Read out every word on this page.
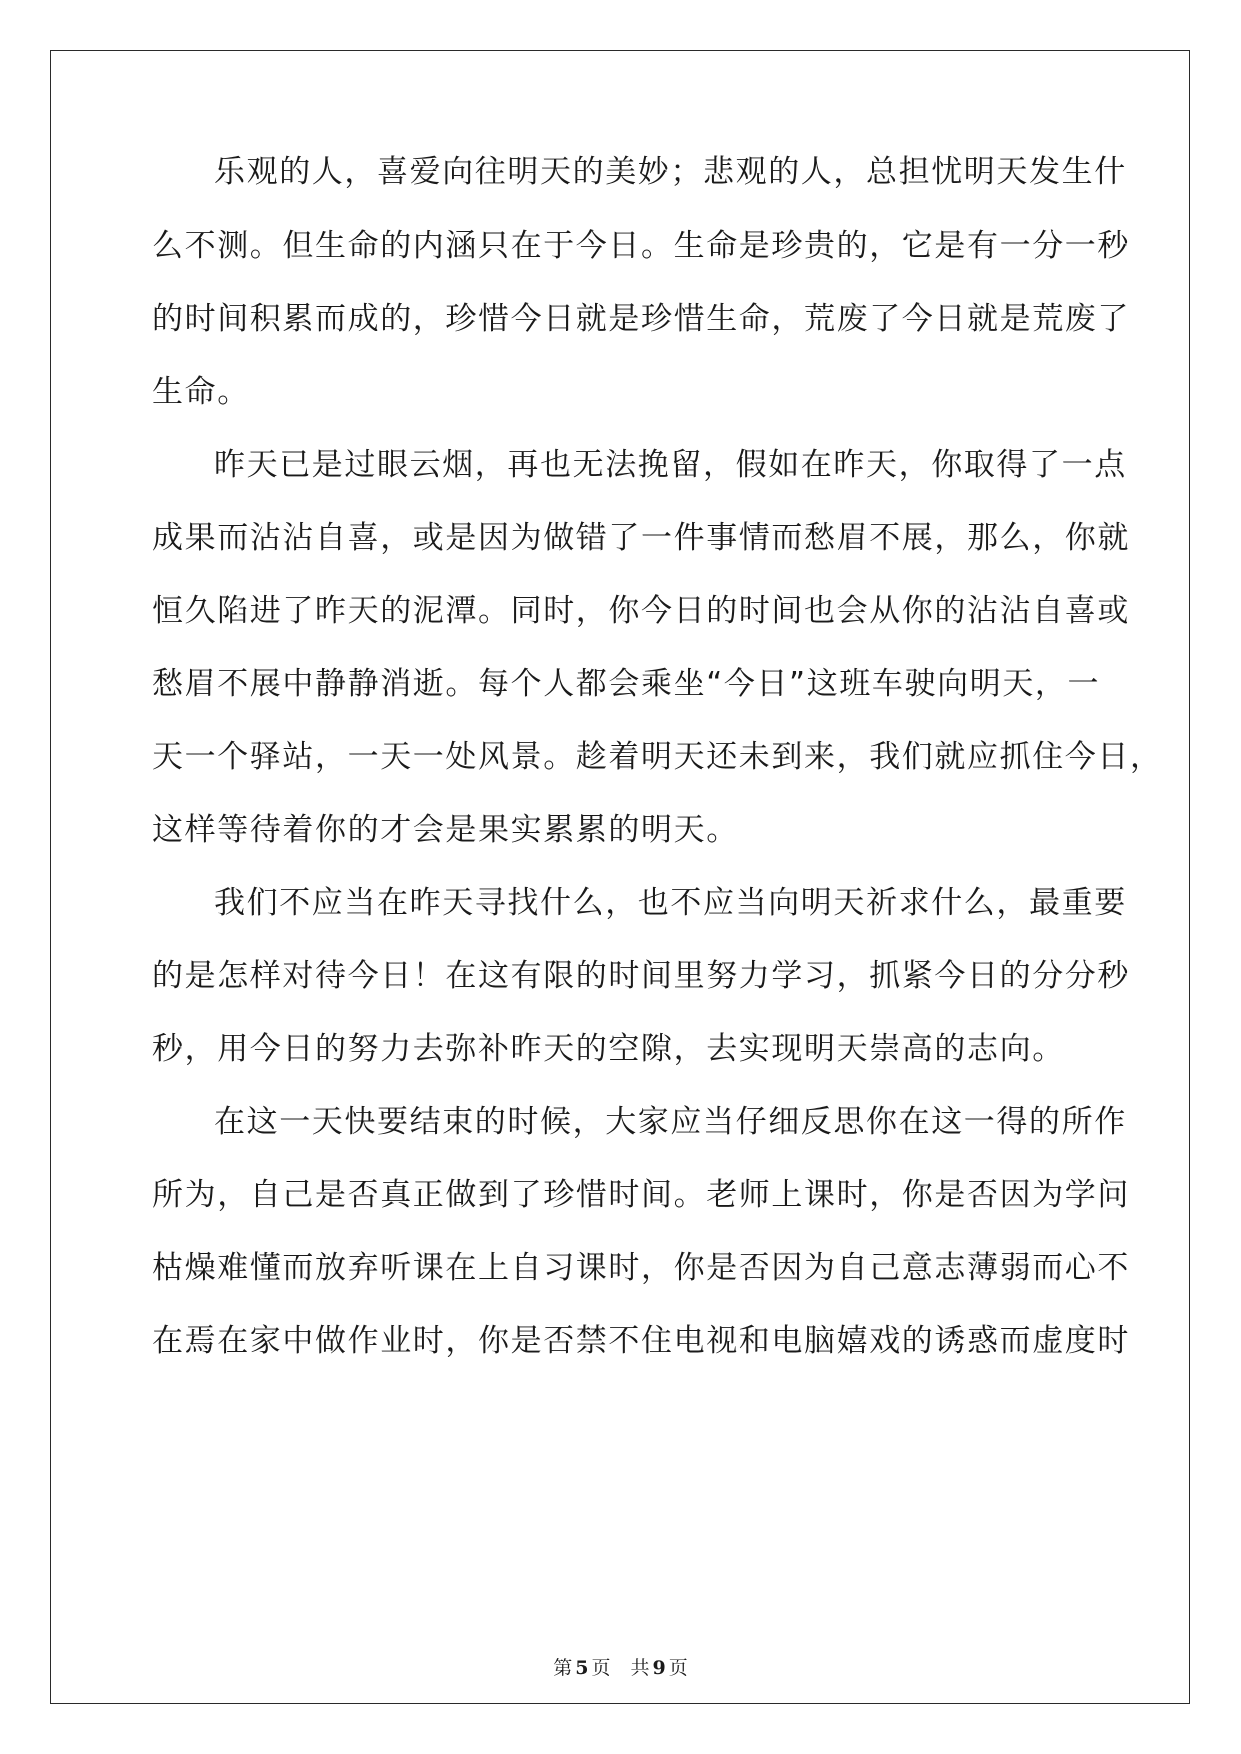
乐观的人，喜爱向往明天的美妙；悲观的人，总担忧明天发生什
么不测。但生命的内涵只在于今日。生命是珍贵的，它是有一分一秒
的时间积累而成的，珍惜今日就是珍惜生命，荒废了今日就是荒废了
生命。
昨天已是过眼云烟，再也无法挽留，假如在昨天，你取得了一点
成果而沾沾自喜，或是因为做错了一件事情而愁眉不展，那么，你就
恒久陷进了昨天的泥潭。同时，你今日的时间也会从你的沾沾自喜或
愁眉不展中静静消逝。每个人都会乘坐“今日”这班车驶向明天，一
天一个驿站，一天一处风景。趁着明天还未到来，我们就应抓住今日，
这样等待着你的才会是果实累累的明天。
我们不应当在昨天寻找什么，也不应当向明天祈求什么，最重要
的是怎样对待今日！在这有限的时间里努力学习，抓紧今日的分分秒
秒，用今日的努力去弥补昨天的空隙，去实现明天崇高的志向。
在这一天快要结束的时候，大家应当仔细反思你在这一得的所作
所为，自己是否真正做到了珍惜时间。老师上课时，你是否因为学问
枯燥难懂而放弃听课在上自习课时，你是否因为自己意志薄弱而心不
在焉在家中做作业时，你是否禁不住电视和电脑嬉戏的诱惑而虚度时
第 5 页 共 9 页
